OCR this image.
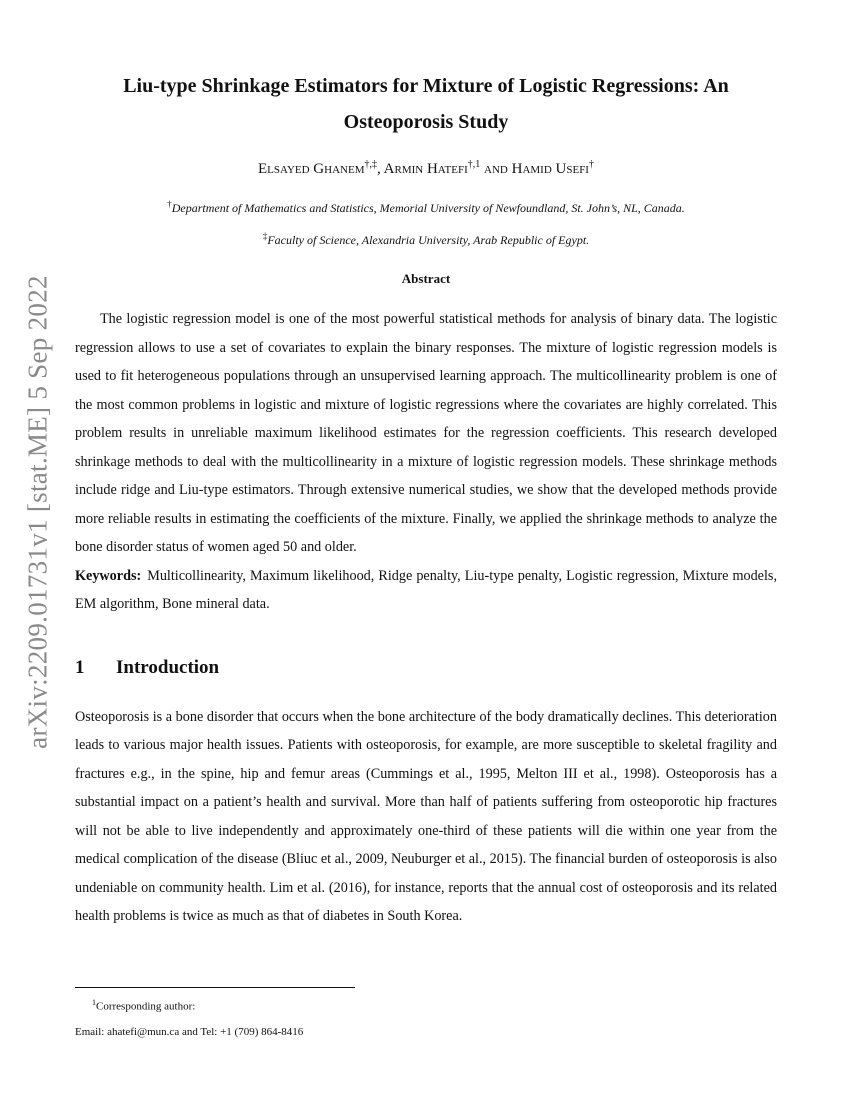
arXiv:2209.01731v1 [stat.ME] 5 Sep 2022
Liu-type Shrinkage Estimators for Mixture of Logistic Regressions: An Osteoporosis Study
Elsayed Ghanem†,‡, Armin Hatefi$^{\dagger,1}$ and Hamid Usefi†
†Department of Mathematics and Statistics, Memorial University of Newfoundland, St. John’s, NL, Canada.
‡Faculty of Science, Alexandria University, Arab Republic of Egypt.
Abstract
The logistic regression model is one of the most powerful statistical methods for analysis of binary data. The logistic regression allows to use a set of covariates to explain the binary responses. The mixture of logistic regression models is used to fit heterogeneous populations through an unsupervised learning approach. The multicollinearity problem is one of the most common problems in logistic and mixture of logistic regressions where the covariates are highly correlated. This problem results in unreliable maximum likelihood estimates for the regression coefficients. This research developed shrinkage methods to deal with the multicollinearity in a mixture of logistic regression models. These shrinkage methods include ridge and Liu-type estimators. Through extensive numerical studies, we show that the developed methods provide more reliable results in estimating the coefficients of the mixture. Finally, we applied the shrinkage methods to analyze the bone disorder status of women aged 50 and older.
Keywords: Multicollinearity, Maximum likelihood, Ridge penalty, Liu-type penalty, Logistic regression, Mixture models, EM algorithm, Bone mineral data.
1	Introduction
Osteoporosis is a bone disorder that occurs when the bone architecture of the body dramatically declines. This deterioration leads to various major health issues. Patients with osteoporosis, for example, are more susceptible to skeletal fragility and fractures e.g., in the spine, hip and femur areas (Cummings et al., 1995, Melton III et al., 1998). Osteoporosis has a substantial impact on a patient’s health and survival. More than half of patients suffering from osteoporotic hip fractures will not be able to live independently and approximately one-third of these patients will die within one year from the medical complication of the disease (Bliuc et al., 2009, Neuburger et al., 2015). The financial burden of osteoporosis is also undeniable on community health. Lim et al. (2016), for instance, reports that the annual cost of osteoporosis and its related health problems is twice as much as that of diabetes in South Korea.
$^1$Corresponding author:
Email: ahatefi@mun.ca and Tel: +1 (709) 864-8416
